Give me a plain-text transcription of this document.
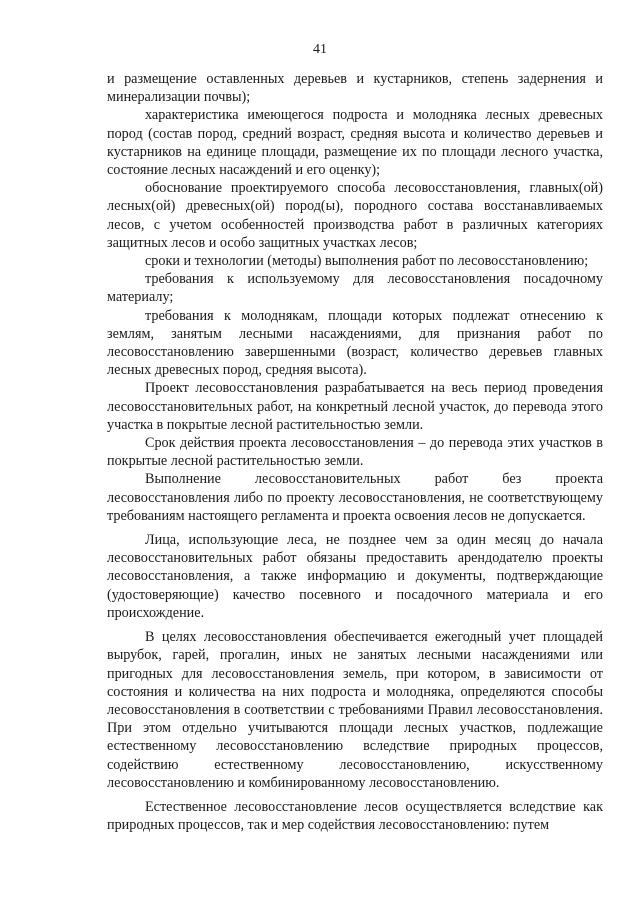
41

и размещение оставленных деревьев и кустарников, степень задернения и минерализации почвы);

характеристика имеющегося подроста и молодняка лесных древесных пород (состав пород, средний возраст, средняя высота и количество деревьев и кустарников на единице площади, размещение их по площади лесного участка, состояние лесных насаждений и его оценку);

обоснование проектируемого способа лесовосстановления, главных(ой) лесных(ой) древесных(ой) пород(ы), породного состава восстанавливаемых лесов, с учетом особенностей производства работ в различных категориях защитных лесов и особо защитных участках лесов;

сроки и технологии (методы) выполнения работ по лесовосстановлению;

требования к используемому для лесовосстановления посадочному материалу;

требования к молоднякам, площади которых подлежат отнесению к землям, занятым лесными насаждениями, для признания работ по лесовосстановлению завершенными (возраст, количество деревьев главных лесных древесных пород, средняя высота).

Проект лесовосстановления разрабатывается на весь период проведения лесовосстановительных работ, на конкретный лесной участок, до перевода этого участка в покрытые лесной растительностью земли.

Срок действия проекта лесовосстановления – до перевода этих участков в покрытые лесной растительностью земли.

Выполнение лесовосстановительных работ без проекта лесовосстановления либо по проекту лесовосстановления, не соответствующему требованиям настоящего регламента и проекта освоения лесов не допускается.

Лица, использующие леса, не позднее чем за один месяц до начала лесовосстановительных работ обязаны предоставить арендодателю проекты лесовосстановления, а также информацию и документы, подтверждающие (удостоверяющие) качество посевного и посадочного материала и его происхождение.

В целях лесовосстановления обеспечивается ежегодный учет площадей вырубок, гарей, прогалин, иных не занятых лесными насаждениями или пригодных для лесовосстановления земель, при котором, в зависимости от состояния и количества на них подроста и молодняка, определяются способы лесовосстановления в соответствии с требованиями Правил лесовосстановления. При этом отдельно учитываются площади лесных участков, подлежащие естественному лесовосстановлению вследствие природных процессов, содействию естественному лесовосстановлению, искусственному лесовосстановлению и комбинированному лесовосстановлению.

Естественное лесовосстановление лесов осуществляется вследствие как природных процессов, так и мер содействия лесовосстановлению: путем
